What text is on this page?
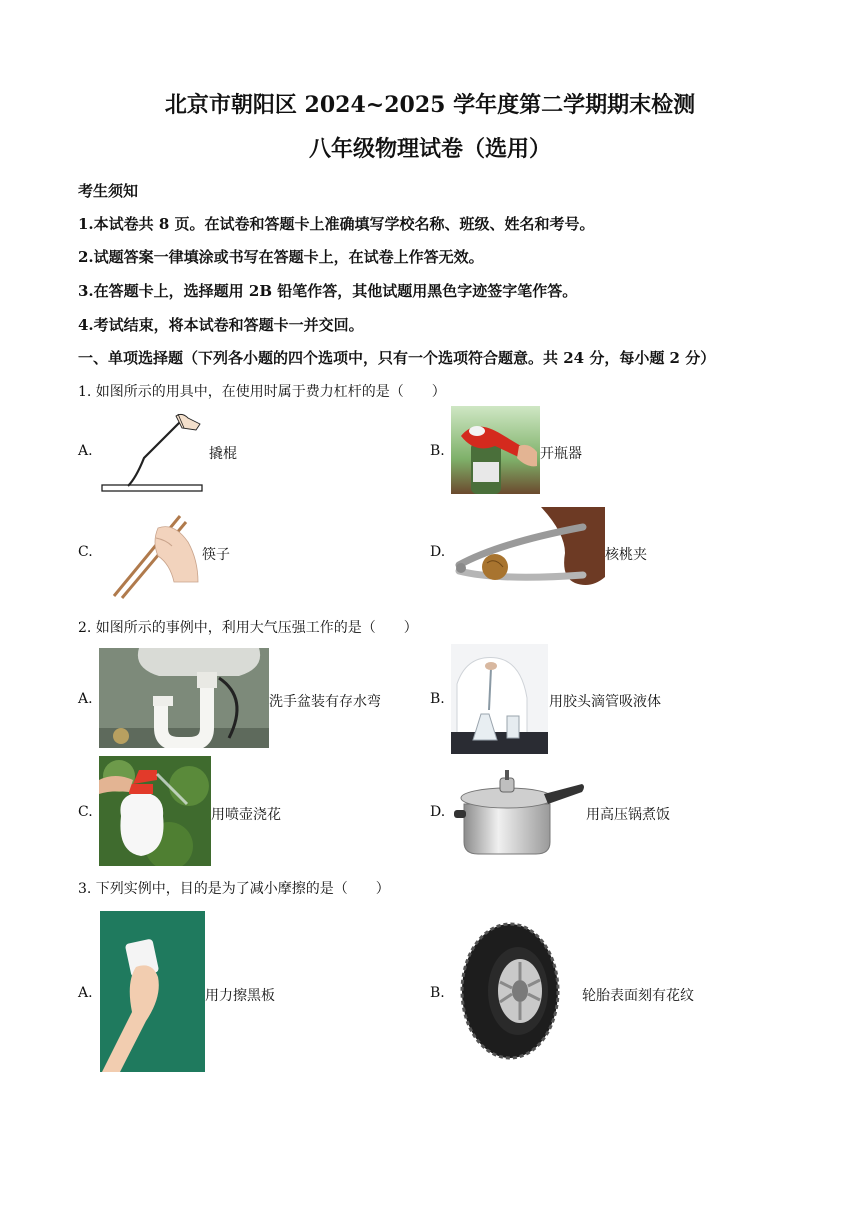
北京市朝阳区 2024~2025 学年度第二学期期末检测
八年级物理试卷（选用）
考生须知
1.本试卷共 8 页。在试卷和答题卡上准确填写学校名称、班级、姓名和考号。
2.试题答案一律填涂或书写在答题卡上，在试卷上作答无效。
3.在答题卡上，选择题用 2B 铅笔作答，其他试题用黑色字迹签字笔作答。
4.考试结束，将本试卷和答题卡一并交回。
一、单项选择题（下列各小题的四个选项中，只有一个选项符合题意。共 24 分，每小题 2 分）
1. 如图所示的用具中，在使用时属于费力杠杆的是（　　）
A.	撬棍	B.	开瓶器
C.	筷子	D.	核桃夹
2. 如图所示的事例中，利用大气压强工作的是（　　）
A.	洗手盆装有存水弯	B.	用胶头滴管吸液体
C.	用喷壶浇花	D.	用高压锅煮饭
3. 下列实例中，目的是为了减小摩擦的是（　　）
A.	用力擦黑板	B.	轮胎表面刻有花纹
